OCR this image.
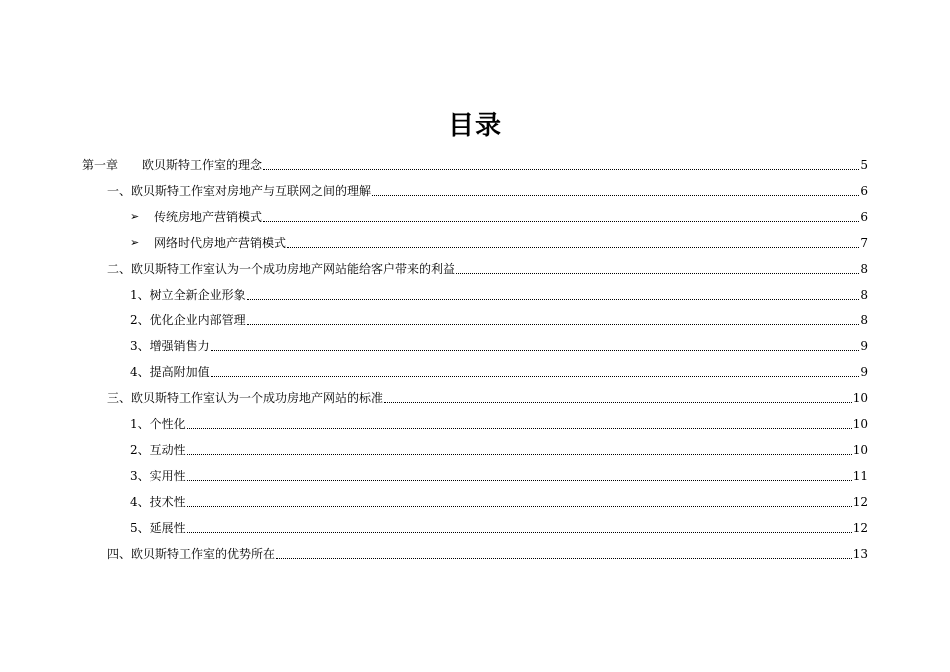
目录
第一章　　 欧贝斯特工作室的理念	5
一、 欧贝斯特工作室对房地产与互联网之间的理解	6
➢	传统房地产营销模式	6
➢	网络时代房地产营销模式	7
二、 欧贝斯特工作室认为一个成功房地产网站能给客户带来的利益	8
1、 树立全新企业形象	8
2、 优化企业内部管理	8
3、 增强销售力	9
4、 提高附加值	9
三、 欧贝斯特工作室认为一个成功房地产网站的标准	10
1、 个性化	10
2、 互动性	10
3、 实用性	11
4、 技术性	12
5、 延展性	12
四、 欧贝斯特工作室的优势所在	13
